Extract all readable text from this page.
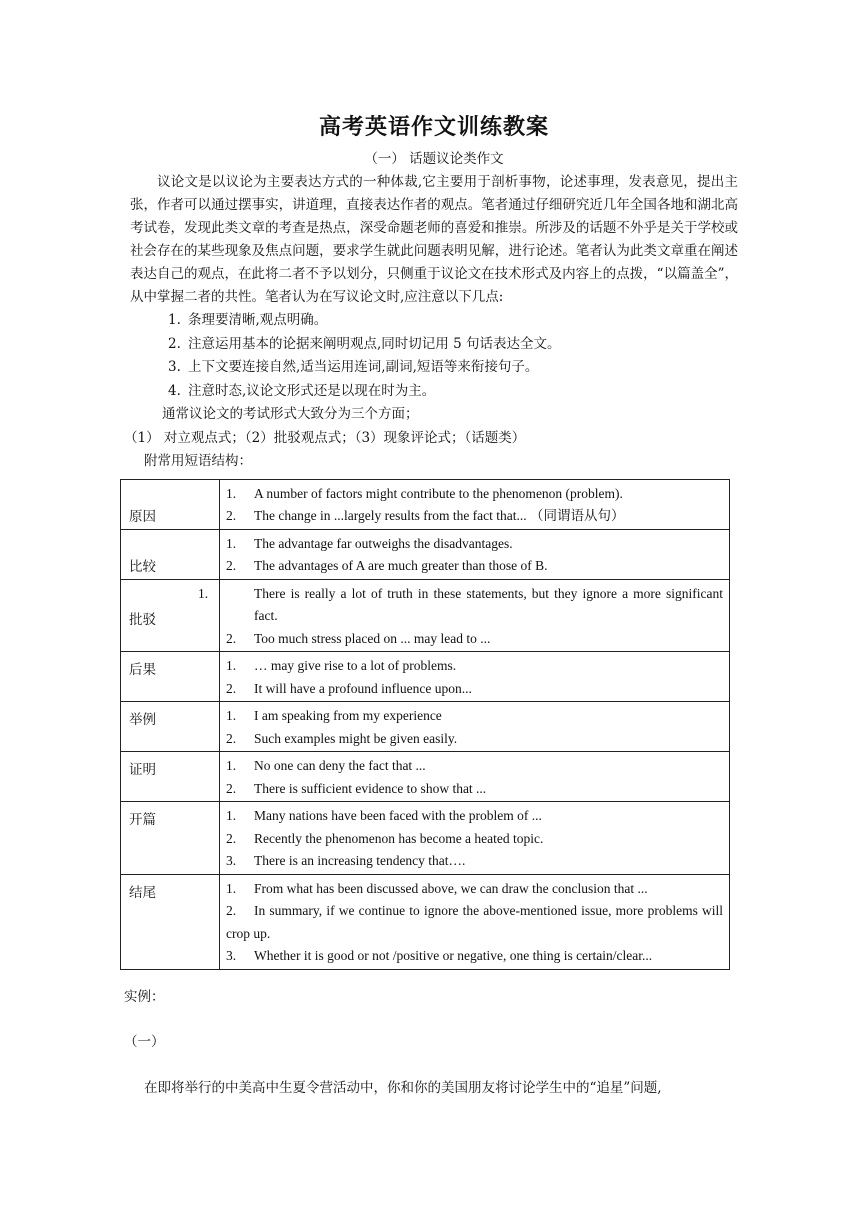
高考英语作文训练教案

（一） 话题议论类作文

议论文是以议论为主要表达方式的一种体裁,它主要用于剖析事物，论述事理，发表意见，提出主张，作者可以通过摆事实，讲道理，直接表达作者的观点。笔者通过仔细研究近几年全国各地和湖北高考试卷，发现此类文章的考查是热点，深受命题老师的喜爱和推崇。所涉及的话题不外乎是关于学校或社会存在的某些现象及焦点问题，要求学生就此问题表明见解，进行论述。笔者认为此类文章重在阐述表达自己的观点，在此将二者不予以划分，只侧重于议论文在技术形式及内容上的点拨，“以篇盖全”，从中掌握二者的共性。笔者认为在写议论文时,应注意以下几点:

1. 条理要清晰,观点明确。
2. 注意运用基本的论据来阐明观点,同时切记用 5 句话表达全文。
3. 上下文要连接自然,适当运用连词,副词,短语等来衔接句子。
4. 注意时态,议论文形式还是以现在时为主。

通常议论文的考试形式大致分为三个方面；

（1） 对立观点式；（2）批驳观点式；（3）现象评论式；（话题类）

附常用短语结构：

原因	1. A number of factors might contribute to the phenomenon (problem).
2. The change in ...largely results from the fact that... （同谓语从句）

比较	1. The advantage far outweighs the disadvantages.
2. The advantages of A are much greater than those of B.

批驳	1. There is really a lot of truth in these statements, but they ignore a more significant fact.
2. Too much stress placed on ... may lead to ...

后果	1. … may give rise to a lot of problems.
2. It will have a profound influence upon...

举例	1. I am speaking from my experience
2. Such examples might be given easily.

证明	1. No one can deny the fact that ...
2. There is sufficient evidence to show that ...

开篇	1. Many nations have been faced with the problem of ...
2. Recently the phenomenon has become a heated topic.
3. There is an increasing tendency that….

结尾	1. From what has been discussed above, we can draw the conclusion that ...
2. In summary, if we continue to ignore the above-mentioned issue, more problems will crop up.
3. Whether it is good or not /positive or negative, one thing is certain/clear...

实例：

（一）

在即将举行的中美高中生夏令营活动中，你和你的美国朋友将讨论学生中的“追星”问题,
